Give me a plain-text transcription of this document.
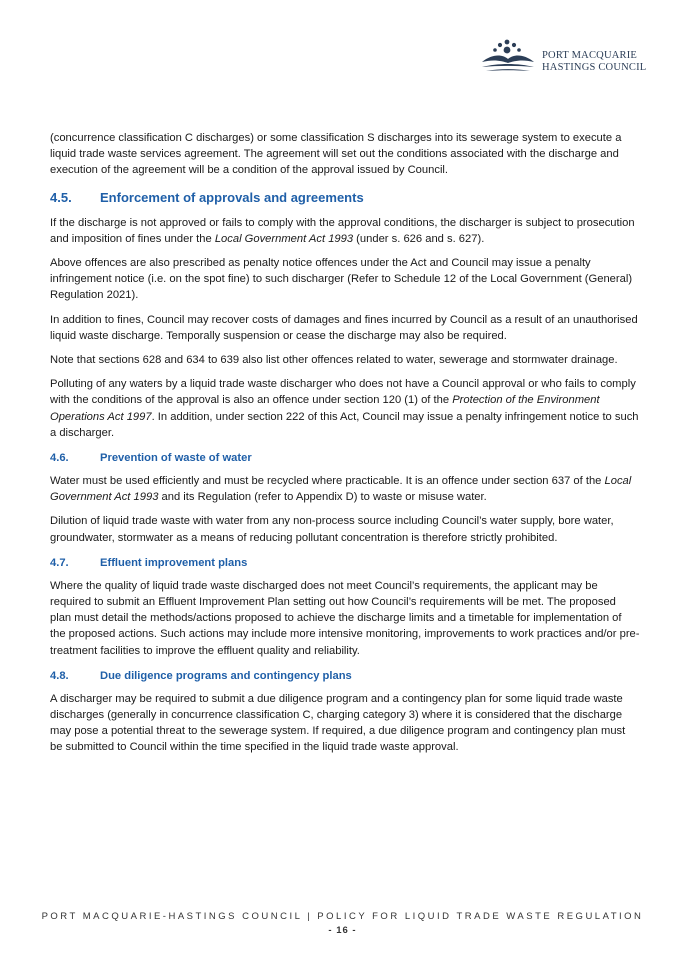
PORT MACQUARIE
HASTINGS COUNCIL

(concurrence classification C discharges) or some classification S discharges into its sewerage system to execute a liquid trade waste services agreement. The agreement will set out the conditions associated with the discharge and execution of the agreement will be a condition of the approval issued by Council.

4.5. Enforcement of approvals and agreements

If the discharge is not approved or fails to comply with the approval conditions, the discharger is subject to prosecution and imposition of fines under the Local Government Act 1993 (under s. 626 and s. 627).

Above offences are also prescribed as penalty notice offences under the Act and Council may issue a penalty infringement notice (i.e. on the spot fine) to such discharger (Refer to Schedule 12 of the Local Government (General) Regulation 2021).

In addition to fines, Council may recover costs of damages and fines incurred by Council as a result of an unauthorised liquid waste discharge. Temporally suspension or cease the discharge may also be required.

Note that sections 628 and 634 to 639 also list other offences related to water, sewerage and stormwater drainage.

Polluting of any waters by a liquid trade waste discharger who does not have a Council approval or who fails to comply with the conditions of the approval is also an offence under section 120 (1) of the Protection of the Environment Operations Act 1997. In addition, under section 222 of this Act, Council may issue a penalty infringement notice to such a discharger.

4.6.	Prevention of waste of water

Water must be used efficiently and must be recycled where practicable. It is an offence under section 637 of the Local Government Act 1993 and its Regulation (refer to Appendix D) to waste or misuse water.

Dilution of liquid trade waste with water from any non-process source including Council’s water supply, bore water, groundwater, stormwater as a means of reducing pollutant concentration is therefore strictly prohibited.

4.7.	Effluent improvement plans

Where the quality of liquid trade waste discharged does not meet Council’s requirements, the applicant may be required to submit an Effluent Improvement Plan setting out how Council’s requirements will be met. The proposed plan must detail the methods/actions proposed to achieve the discharge limits and a timetable for implementation of the proposed actions. Such actions may include more intensive monitoring, improvements to work practices and/or pre-treatment facilities to improve the effluent quality and reliability.

4.8.	Due diligence programs and contingency plans

A discharger may be required to submit a due diligence program and a contingency plan for some liquid trade waste discharges (generally in concurrence classification C, charging category 3) where it is considered that the discharge may pose a potential threat to the sewerage system. If required, a due diligence program and contingency plan must be submitted to Council within the time specified in the liquid trade waste approval.

PORT MACQUARIE-HASTINGS COUNCIL | POLICY FOR LIQUID TRADE WASTE REGULATION
- 16 -
